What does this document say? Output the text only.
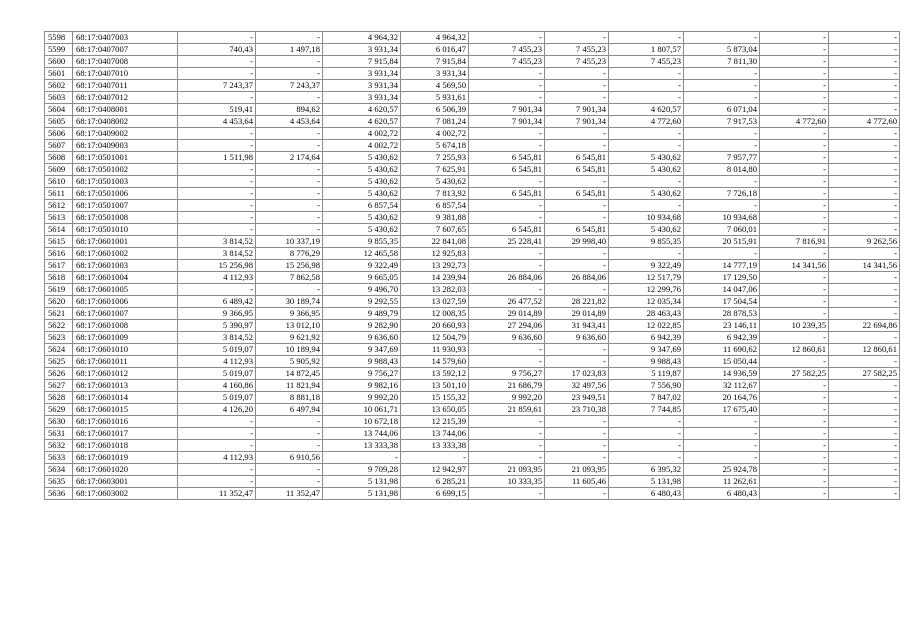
5598	68:17:0407003	-	-	4 964,32	4 964,32	-	-	-	-	-	-
5599	68:17:0407007	740,43	1 497,18	3 931,34	6 016,47	7 455,23	7 455,23	1 807,57	5 873,04	-	-
5600	68:17:0407008	-	-	7 915,84	7 915,84	7 455,23	7 455,23	7 455,23	7 811,30	-	-
5601	68:17:0407010	-	-	3 931,34	3 931,34	-	-	-	-	-	-
5602	68:17:0407011	7 243,37	7 243,37	3 931,34	4 569,50	-	-	-	-	-	-
5603	68:17:0407012	-	-	3 931,34	5 931,61	-	-	-	-	-	-
5604	68:17:0408001	519,41	894,62	4 620,57	6 506,39	7 901,34	7 901,34	4 620,57	6 071,04	-	-
5605	68:17:0408002	4 453,64	4 453,64	4 620,57	7 081,24	7 901,34	7 901,34	4 772,60	7 917,53	4 772,60	4 772,60
5606	68:17:0409002	-	-	4 002,72	4 002,72	-	-	-	-	-	-
5607	68:17:0409003	-	-	4 002,72	5 674,18	-	-	-	-	-	-
5608	68:17:0501001	1 511,98	2 174,64	5 430,62	7 255,93	6 545,81	6 545,81	5 430,62	7 957,77	-	-
5609	68:17:0501002	-	-	5 430,62	7 625,91	6 545,81	6 545,81	5 430,62	8 014,80	-	-
5610	68:17:0501003	-	-	5 430,62	5 430,62	-	-	-	-	-	-
5611	68:17:0501006	-	-	5 430,62	7 813,92	6 545,81	6 545,81	5 430,62	7 726,18	-	-
5612	68:17:0501007	-	-	6 857,54	6 857,54	-	-	-	-	-	-
5613	68:17:0501008	-	-	5 430,62	9 381,88	-	-	10 934,68	10 934,68	-	-
5614	68:17:0501010	-	-	5 430,62	7 607,65	6 545,81	6 545,81	5 430,62	7 060,01	-	-
5615	68:17:0601001	3 814,52	10 337,19	9 855,35	22 841,08	25 228,41	29 998,40	9 855,35	20 515,91	7 816,91	9 262,56
5616	68:17:0601002	3 814,52	8 776,29	12 465,58	12 925,83	-	-	-	-	-	-
5617	68:17:0601003	15 256,98	15 256,98	9 322,49	13 292,73	-	-	9 322,49	14 777,19	14 341,56	14 341,56
5618	68:17:0601004	4 112,93	7 862,58	9 665,05	14 239,94	26 884,06	26 884,06	12 517,79	17 129,50	-	-
5619	68:17:0601005	-	-	9 496,70	13 282,03	-	-	12 299,76	14 047,06	-	-
5620	68:17:0601006	6 489,42	30 189,74	9 292,55	13 027,59	26 477,52	28 221,82	12 035,34	17 504,54	-	-
5621	68:17:0601007	9 366,95	9 366,95	9 489,79	12 008,35	29 014,89	29 014,89	28 463,43	28 878,53	-	-
5622	68:17:0601008	5 390,97	13 012,10	9 282,90	20 660,93	27 294,06	31 943,41	12 022,85	23 146,11	10 239,35	22 694,86
5623	68:17:0601009	3 814,52	9 621,92	9 636,60	12 504,79	9 636,60	9 636,60	6 942,39	6 942,39	-	-
5624	68:17:0601010	5 019,07	10 189,94	9 347,69	11 930,93	-	-	9 347,69	11 690,62	12 860,61	12 860,61
5625	68:17:0601011	4 112,93	5 905,92	9 988,43	14 579,60	-	-	9 988,43	15 050,44	-	-
5626	68:17:0601012	5 019,07	14 872,45	9 756,27	13 592,12	9 756,27	17 023,83	5 119,87	14 936,59	27 582,25	27 582,25
5627	68:17:0601013	4 160,86	11 821,94	9 982,16	13 501,10	21 686,79	32 497,56	7 556,90	32 112,67	-	-
5628	68:17:0601014	5 019,07	8 881,18	9 992,20	15 155,32	9 992,20	23 949,51	7 847,02	20 164,76	-	-
5629	68:17:0601015	4 126,20	6 497,94	10 061,71	13 650,05	21 859,61	23 710,38	7 744,85	17 675,40	-	-
5630	68:17:0601016	-	-	10 672,18	12 215,39	-	-	-	-	-	-
5631	68:17:0601017	-	-	13 744,06	13 744,06	-	-	-	-	-	-
5632	68:17:0601018	-	-	13 333,38	13 333,38	-	-	-	-	-	-
5633	68:17:0601019	4 112,93	6 910,56	-	-	-	-	-	-	-	-
5634	68:17:0601020	-	-	9 709,28	12 942,97	21 093,95	21 093,95	6 395,32	25 924,78	-	-
5635	68:17:0603001	-	-	5 131,98	6 285,21	10 333,35	11 605,46	5 131,98	11 262,61	-	-
5636	68:17:0603002	11 352,47	11 352,47	5 131,98	6 699,15	-	-	6 480,43	6 480,43	-	-
